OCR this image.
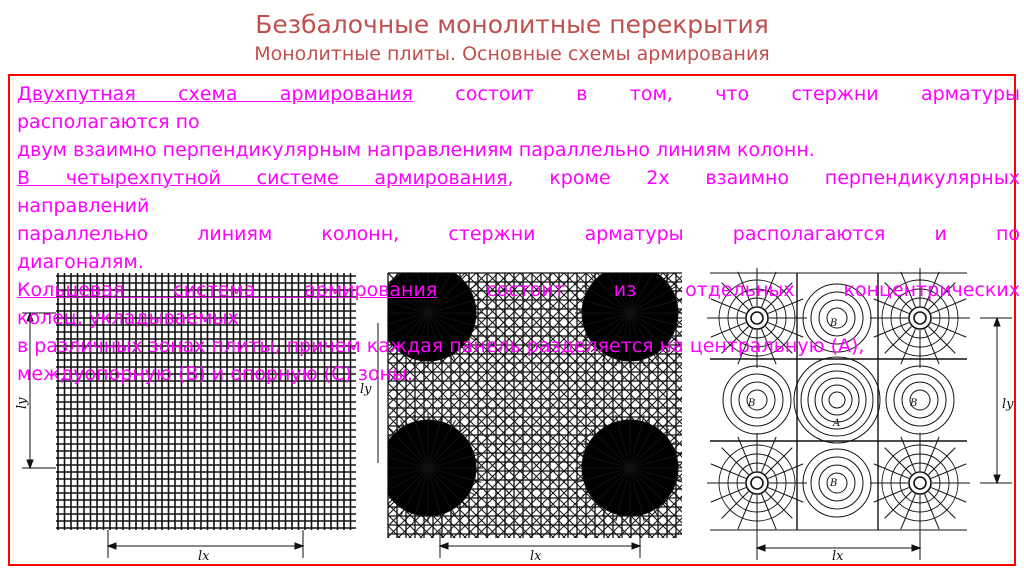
Безбалочные монолитные перекрытия
Монолитные плиты. Основные схемы армирования
lx
ly
lx
ly
lx
ly
B
B	B
B
A

Двухпутная схема армирования состоит в том, что стержни арматуры

располагаются по

двум взаимно перпендикулярным направлениям параллельно линиям колонн.

В четырехпутной системе армирования, кроме 2х взаимно перпендикулярных

направлений

параллельно линиям колонн, стержни арматуры располагаются и по

диагоналям.

Кольцевая система армирования состоит из отдельных концентрических

колец, укладываемых

в различных зонах плиты, причем каждая панель разделяется на центральную (А),

междуопорную (В) и опорную (С) зоны.
